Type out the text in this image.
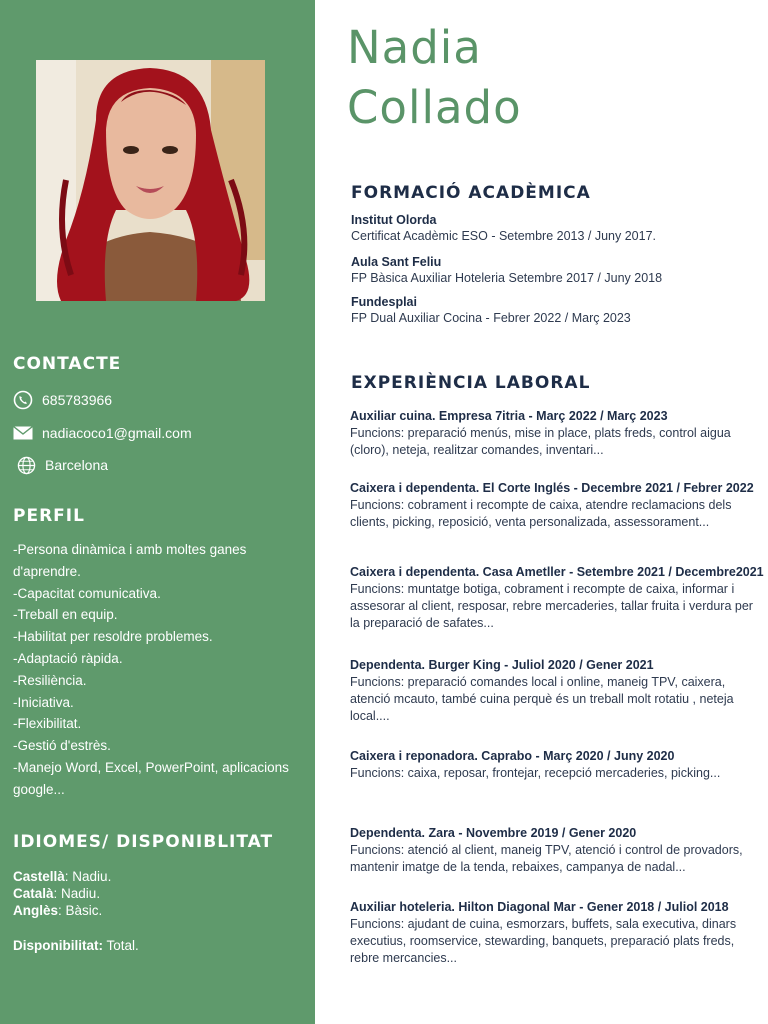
CONTACTE
685783966
nadiacoco1@gmail.com
Barcelona
PERFIL
-Persona dinàmica i amb moltes ganes d'aprendre.
-Capacitat comunicativa.
-Treball en equip.
-Habilitat per resoldre problemes.
-Adaptació ràpida.
-Resiliència.
-Iniciativa.
-Flexibilitat.
-Gestió d'estrès.
-Manejo Word, Excel, PowerPoint, aplicacions google...
IDIOMES/ DISPONIBLITAT
Castellà: Nadiu.
Català: Nadiu.
Anglès: Bàsic.
Disponibilitat: Total.
Nadia
Collado
FORMACIÓ ACADÈMICA
Institut Olorda
Certificat Acadèmic ESO - Setembre 2013 / Juny 2017.
Aula Sant Feliu
FP Bàsica Auxiliar Hoteleria Setembre 2017 / Juny 2018
Fundesplai
FP Dual Auxiliar Cocina - Febrer 2022 / Març 2023
EXPERIÈNCIA LABORAL
Auxiliar cuina. Empresa 7itria - Març 2022 / Març 2023
Funcions: preparació menús, mise in place, plats freds, control aigua (cloro), neteja, realitzar comandes, inventari...
Caixera i dependenta. El Corte Inglés - Decembre 2021 / Febrer 2022
Funcions: cobrament i recompte de caixa, atendre reclamacions dels clients, picking, reposició, venta personalizada, assessorament...
Caixera i dependenta. Casa Ametller - Setembre 2021 / Decembre2021
Funcions: muntatge botiga, cobrament i recompte de caixa, informar i assesorar al client, resposar, rebre mercaderies, tallar fruita i verdura per la preparació de safates...
Dependenta. Burger King - Juliol 2020 / Gener 2021
Funcions: preparació comandes local i online, maneig TPV, caixera, atenció mcauto, també cuina perquè és un treball molt rotatiu , neteja local....
Caixera i reponadora. Caprabo - Març 2020 / Juny 2020
Funcions: caixa, reposar, frontejar, recepció mercaderies, picking...
Dependenta. Zara - Novembre 2019 / Gener 2020
Funcions: atenció al client, maneig TPV, atenció i control de provadors, mantenir imatge de la tenda, rebaixes, campanya de nadal...
Auxiliar hoteleria. Hilton Diagonal Mar - Gener 2018 / Juliol 2018
Funcions: ajudant de cuina, esmorzars, buffets, sala executiva, dinars executius, roomservice, stewarding, banquets, preparació plats freds, rebre mercancies...
